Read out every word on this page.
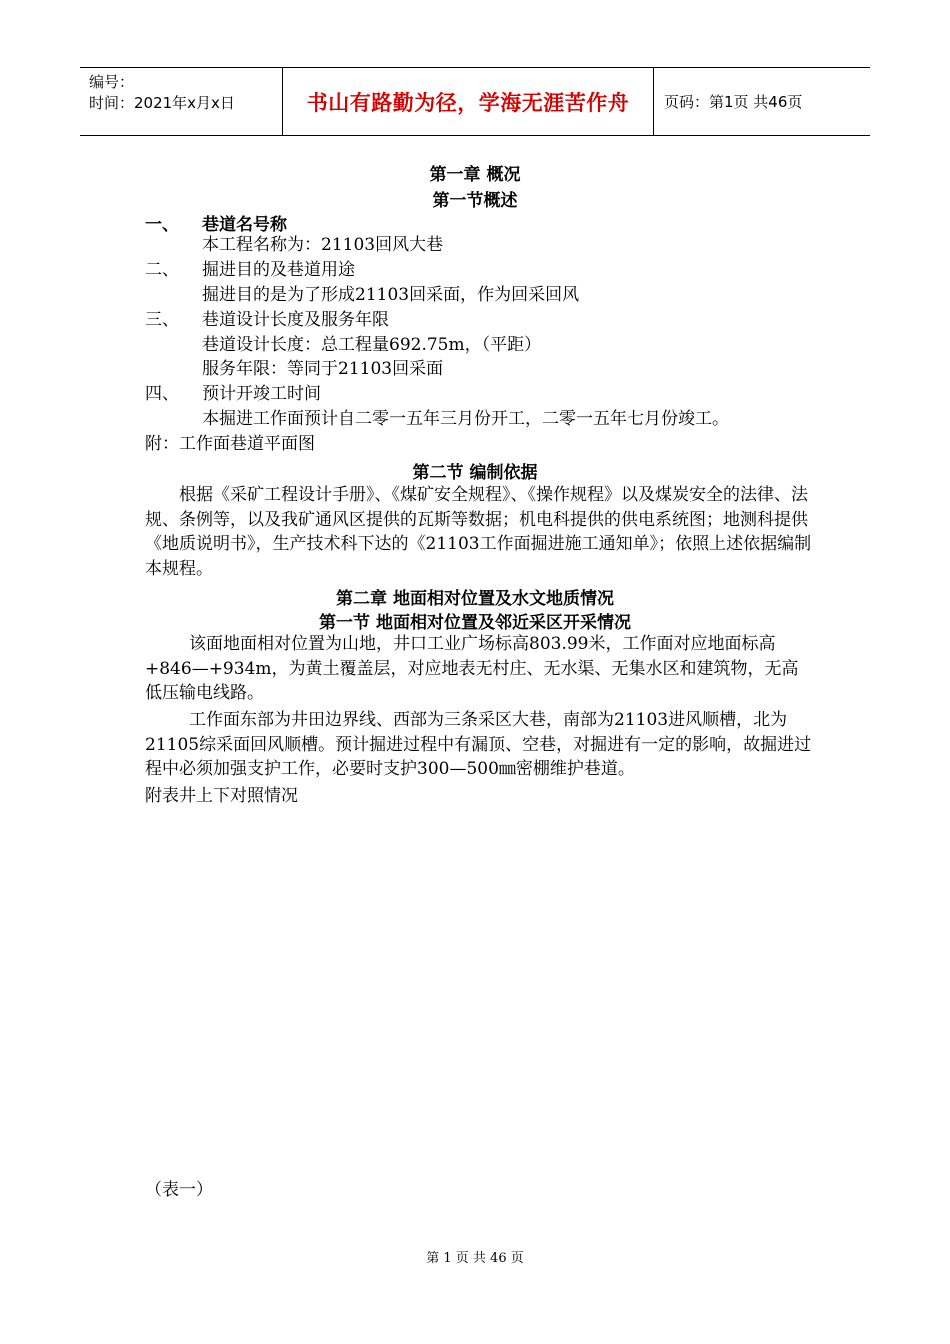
编号：
时间：2021年x月x日	书山有路勤为径，学海无涯苦作舟	页码：第1页 共46页
第一章 概况
第一节概述
一、 巷道名号称
本工程名称为：21103回风大巷
二、 掘进目的及巷道用途
掘进目的是为了形成21103回采面，作为回采回风
三、 巷道设计长度及服务年限
巷道设计长度：总工程量692.75m，（平距）
服务年限：等同于21103回采面
四、 预计开竣工时间
本掘进工作面预计自二零一五年三月份开工，二零一五年七月份竣工。
附：工作面巷道平面图
第二节 编制依据
根据《采矿工程设计手册》、《煤矿安全规程》、《操作规程》以及煤炭安全的法律、法规、条例等，以及我矿通风区提供的瓦斯等数据；机电科提供的供电系统图；地测科提供《地质说明书》，生产技术科下达的《21103工作面掘进施工通知单》；依照上述依据编制本规程。
第二章 地面相对位置及水文地质情况
第一节 地面相对位置及邻近采区开采情况
该面地面相对位置为山地，井口工业广场标高803.99米，工作面对应地面标高+846—+934m，为黄土覆盖层，对应地表无村庄、无水渠、无集水区和建筑物，无高低压输电线路。
工作面东部为井田边界线、西部为三条采区大巷，南部为21103进风顺槽，北为21105综采面回风顺槽。预计掘进过程中有漏顶、空巷，对掘进有一定的影响，故掘进过程中必须加强支护工作，必要时支护300—500㎜密棚维护巷道。
附表井上下对照情况
（表一）
第 1 页 共 46 页
